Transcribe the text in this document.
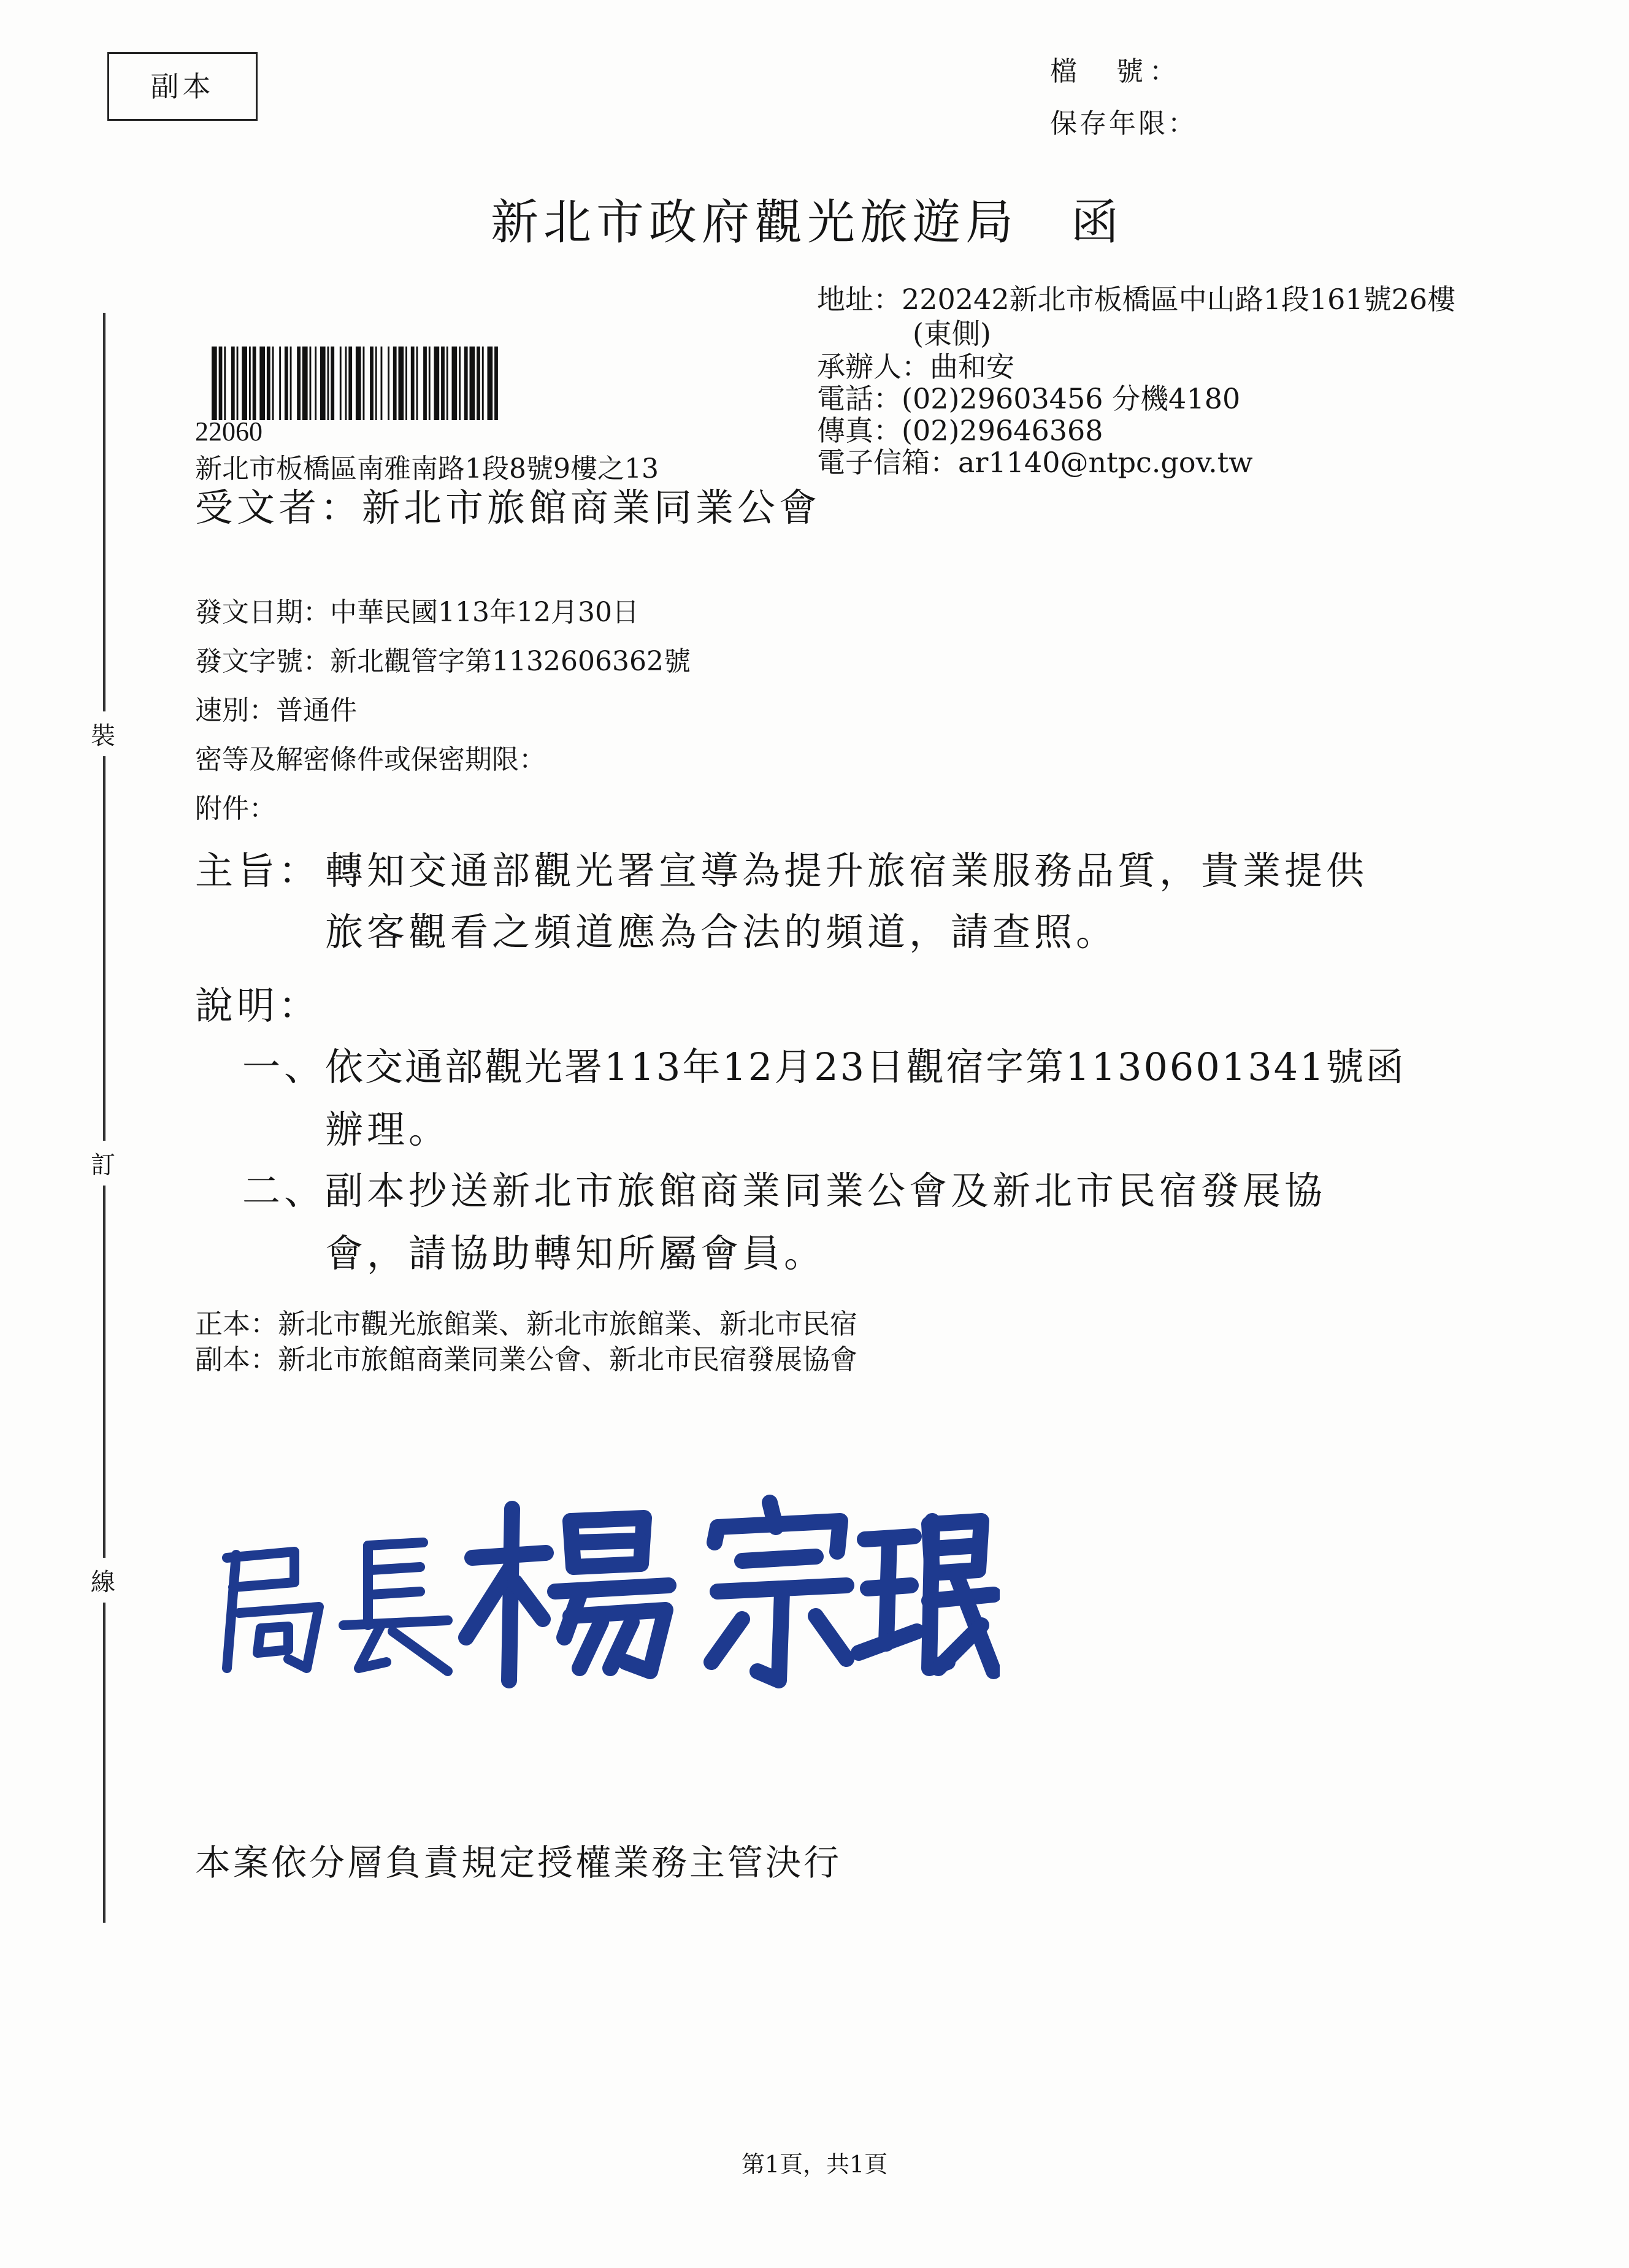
副本	檔　號：
保存年限：
新北市政府觀光旅遊局　函
裝
訂
線
22060
新北市板橋區南雅南路1段8號9樓之13
受文者：新北市旅館商業同業公會
地址：220242新北市板橋區中山路1段161號26樓
(東側)
承辦人：曲和安
電話：(02)29603456 分機4180
傳真：(02)29646368
電子信箱：ar1140@ntpc.gov.tw
發文日期：中華民國113年12月30日
發文字號：新北觀管字第1132606362號
速別：普通件
密等及解密條件或保密期限：
附件：
主旨： 轉知交通部觀光署宣導為提升旅宿業服務品質，貴業提供
旅客觀看之頻道應為合法的頻道，請查照。
說明：
一、
依交通部觀光署113年12月23日觀宿字第1130601341號函
辦理。
二、
副本抄送新北市旅館商業同業公會及新北市民宿發展協
會，請協助轉知所屬會員。
正本：新北市觀光旅館業、新北市旅館業、新北市民宿
副本：新北市旅館商業同業公會、新北市民宿發展協會
本案依分層負責規定授權業務主管決行
第1頁，共1頁
